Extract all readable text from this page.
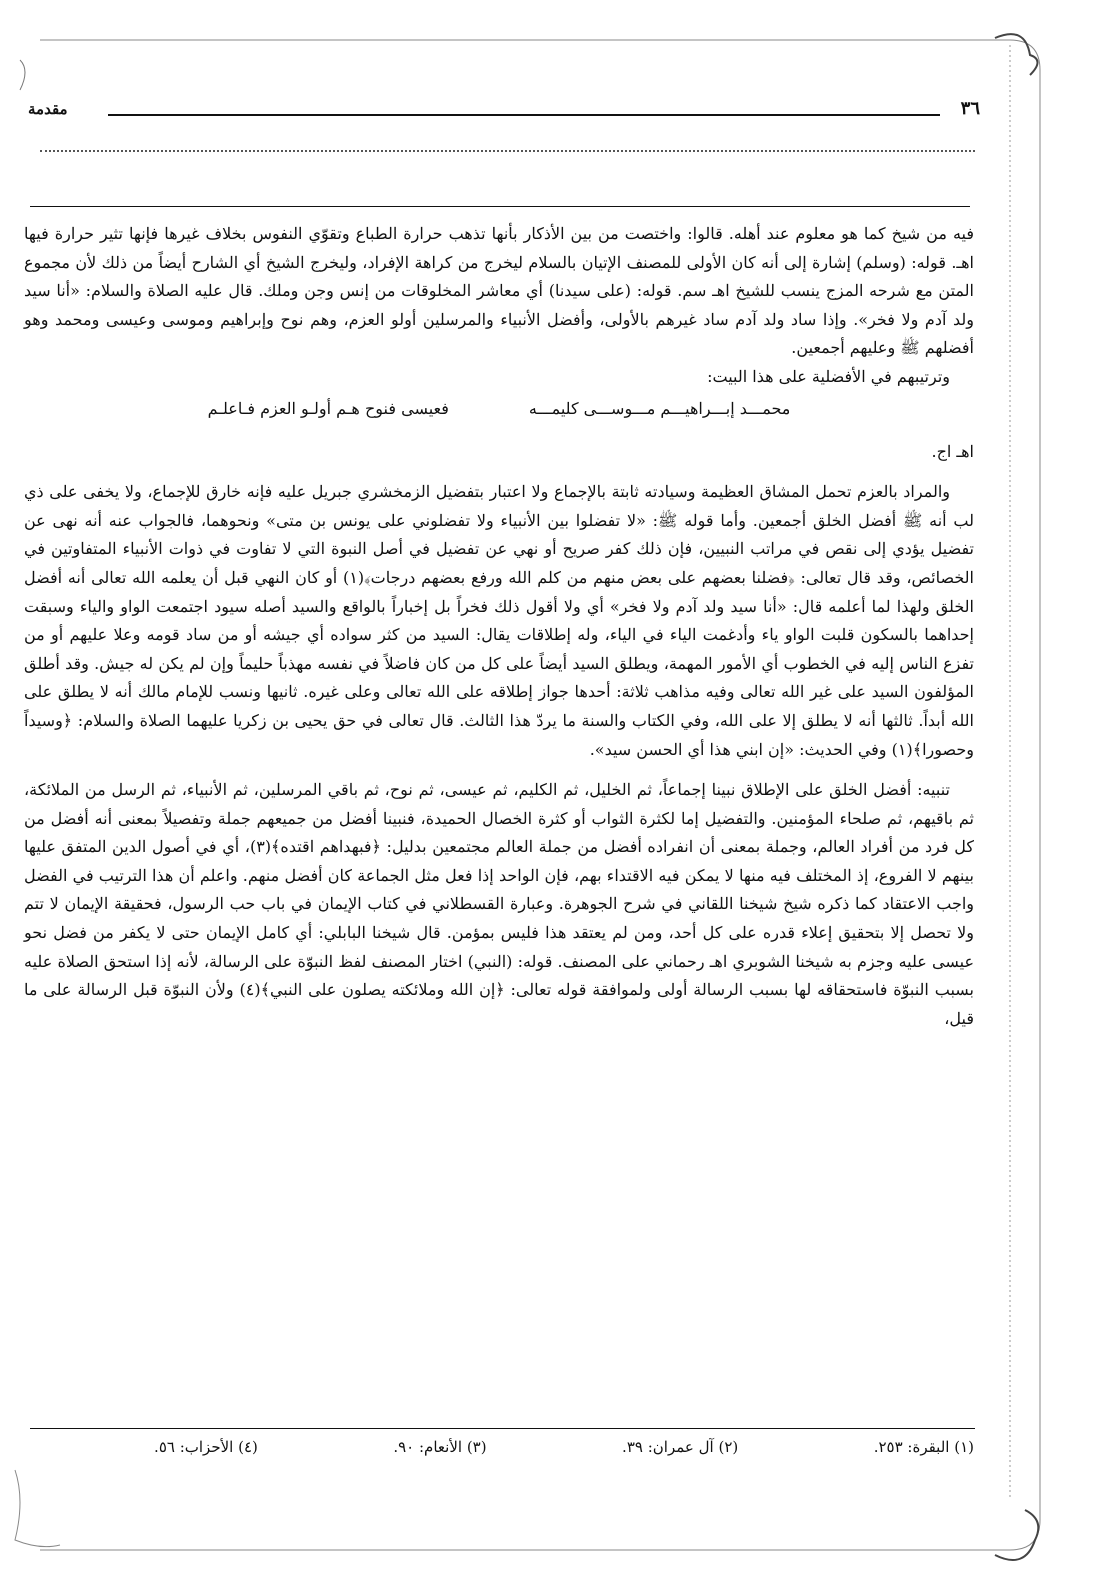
مقدمة	٣٦

فيه من شيخ كما هو معلوم عند أهله. قالوا: واختصت من بين الأذكار بأنها تذهب حرارة الطباع وتقوّي النفوس بخلاف غيرها فإنها تثير حرارة فيها اهـ. قوله: (وسلم) إشارة إلى أنه كان الأولى للمصنف الإتيان بالسلام ليخرج من كراهة الإفراد، وليخرج الشيخ أي الشارح أيضاً من ذلك لأن مجموع المتن مع شرحه المزج ينسب للشيخ اهـ سم. قوله: (على سيدنا) أي معاشر المخلوقات من إنس وجن وملك. قال عليه الصلاة والسلام: «أنا سيد ولد آدم ولا فخر». وإذا ساد ولد آدم ساد غيرهم بالأولى، وأفضل الأنبياء والمرسلين أولو العزم، وهم نوح وإبراهيم وموسى وعيسى ومحمد وهو أفضلهم ﷺ وعليهم أجمعين.

وترتيبهم في الأفضلية على هذا البيت:

محمـــد إبـــراهيـــم مـــوســـى كليمـــه
فعيسى فنوح هـم أولـو العزم فـاعلـم

اهـ اج.

والمراد بالعزم تحمل المشاق العظيمة وسيادته ثابتة بالإجماع ولا اعتبار بتفضيل الزمخشري جبريل عليه فإنه خارق للإجماع، ولا يخفى على ذي لب أنه ﷺ أفضل الخلق أجمعين. وأما قوله ﷺ: «لا تفضلوا بين الأنبياء ولا تفضلوني على يونس بن متى» ونحوهما، فالجواب عنه أنه نهى عن تفضيل يؤدي إلى نقص في مراتب النبيين، فإن ذلك كفر صريح أو نهي عن تفضيل في أصل النبوة التي لا تفاوت في ذوات الأنبياء المتفاوتين في الخصائص، وقد قال تعالى: ﴿فضلنا بعضهم على بعض منهم من كلم الله ورفع بعضهم درجات﴾(١) أو كان النهي قبل أن يعلمه الله تعالى أنه أفضل الخلق ولهذا لما أعلمه قال: «أنا سيد ولد آدم ولا فخر» أي ولا أقول ذلك فخراً بل إخباراً بالواقع والسيد أصله سيود اجتمعت الواو والياء وسبقت إحداهما بالسكون قلبت الواو ياء وأدغمت الياء في الياء، وله إطلاقات يقال: السيد من كثر سواده أي جيشه أو من ساد قومه وعلا عليهم أو من تفزع الناس إليه في الخطوب أي الأمور المهمة، ويطلق السيد أيضاً على كل من كان فاضلاً في نفسه مهذباً حليماً وإن لم يكن له جيش. وقد أطلق المؤلفون السيد على غير الله تعالى وفيه مذاهب ثلاثة: أحدها جواز إطلاقه على الله تعالى وعلى غيره. ثانيها ونسب للإمام مالك أنه لا يطلق على الله أبداً. ثالثها أنه لا يطلق إلا على الله، وفي الكتاب والسنة ما يردّ هذا الثالث. قال تعالى في حق يحيى بن زكريا عليهما الصلاة والسلام: ﴿وسيداً وحصورا﴾(١) وفي الحديث: «إن ابني هذا أي الحسن سيد».

تنبيه: أفضل الخلق على الإطلاق نبينا إجماعاً، ثم الخليل، ثم الكليم، ثم عيسى، ثم نوح، ثم باقي المرسلين، ثم الأنبياء، ثم الرسل من الملائكة، ثم باقيهم، ثم صلحاء المؤمنين. والتفضيل إما لكثرة الثواب أو كثرة الخصال الحميدة، فنبينا أفضل من جميعهم جملة وتفصيلاً بمعنى أنه أفضل من كل فرد من أفراد العالم، وجملة بمعنى أن انفراده أفضل من جملة العالم مجتمعين بدليل: ﴿فبهداهم اقتده﴾(٣)، أي في أصول الدين المتفق عليها بينهم لا الفروع، إذ المختلف فيه منها لا يمكن فيه الاقتداء بهم، فإن الواحد إذا فعل مثل الجماعة كان أفضل منهم. واعلم أن هذا الترتيب في الفضل واجب الاعتقاد كما ذكره شيخ شيخنا اللقاني في شرح الجوهرة. وعبارة القسطلاني في كتاب الإيمان في باب حب الرسول، فحقيقة الإيمان لا تتم ولا تحصل إلا بتحقيق إعلاء قدره على كل أحد، ومن لم يعتقد هذا فليس بمؤمن. قال شيخنا البابلي: أي كامل الإيمان حتى لا يكفر من فضل نحو عيسى عليه وجزم به شيخنا الشوبري اهـ رحماني على المصنف. قوله: (النبي) اختار المصنف لفظ النبوّة على الرسالة، لأنه إذا استحق الصلاة عليه بسبب النبوّة فاستحقاقه لها بسبب الرسالة أولى ولموافقة قوله تعالى: ﴿إن الله وملائكته يصلون على النبي﴾(٤) ولأن النبوّة قبل الرسالة على ما قيل،

(١) البقرة: ٢٥٣.
(٢) آل عمران: ٣٩.
(٣) الأنعام: ٩٠.
(٤) الأحزاب: ٥٦.
